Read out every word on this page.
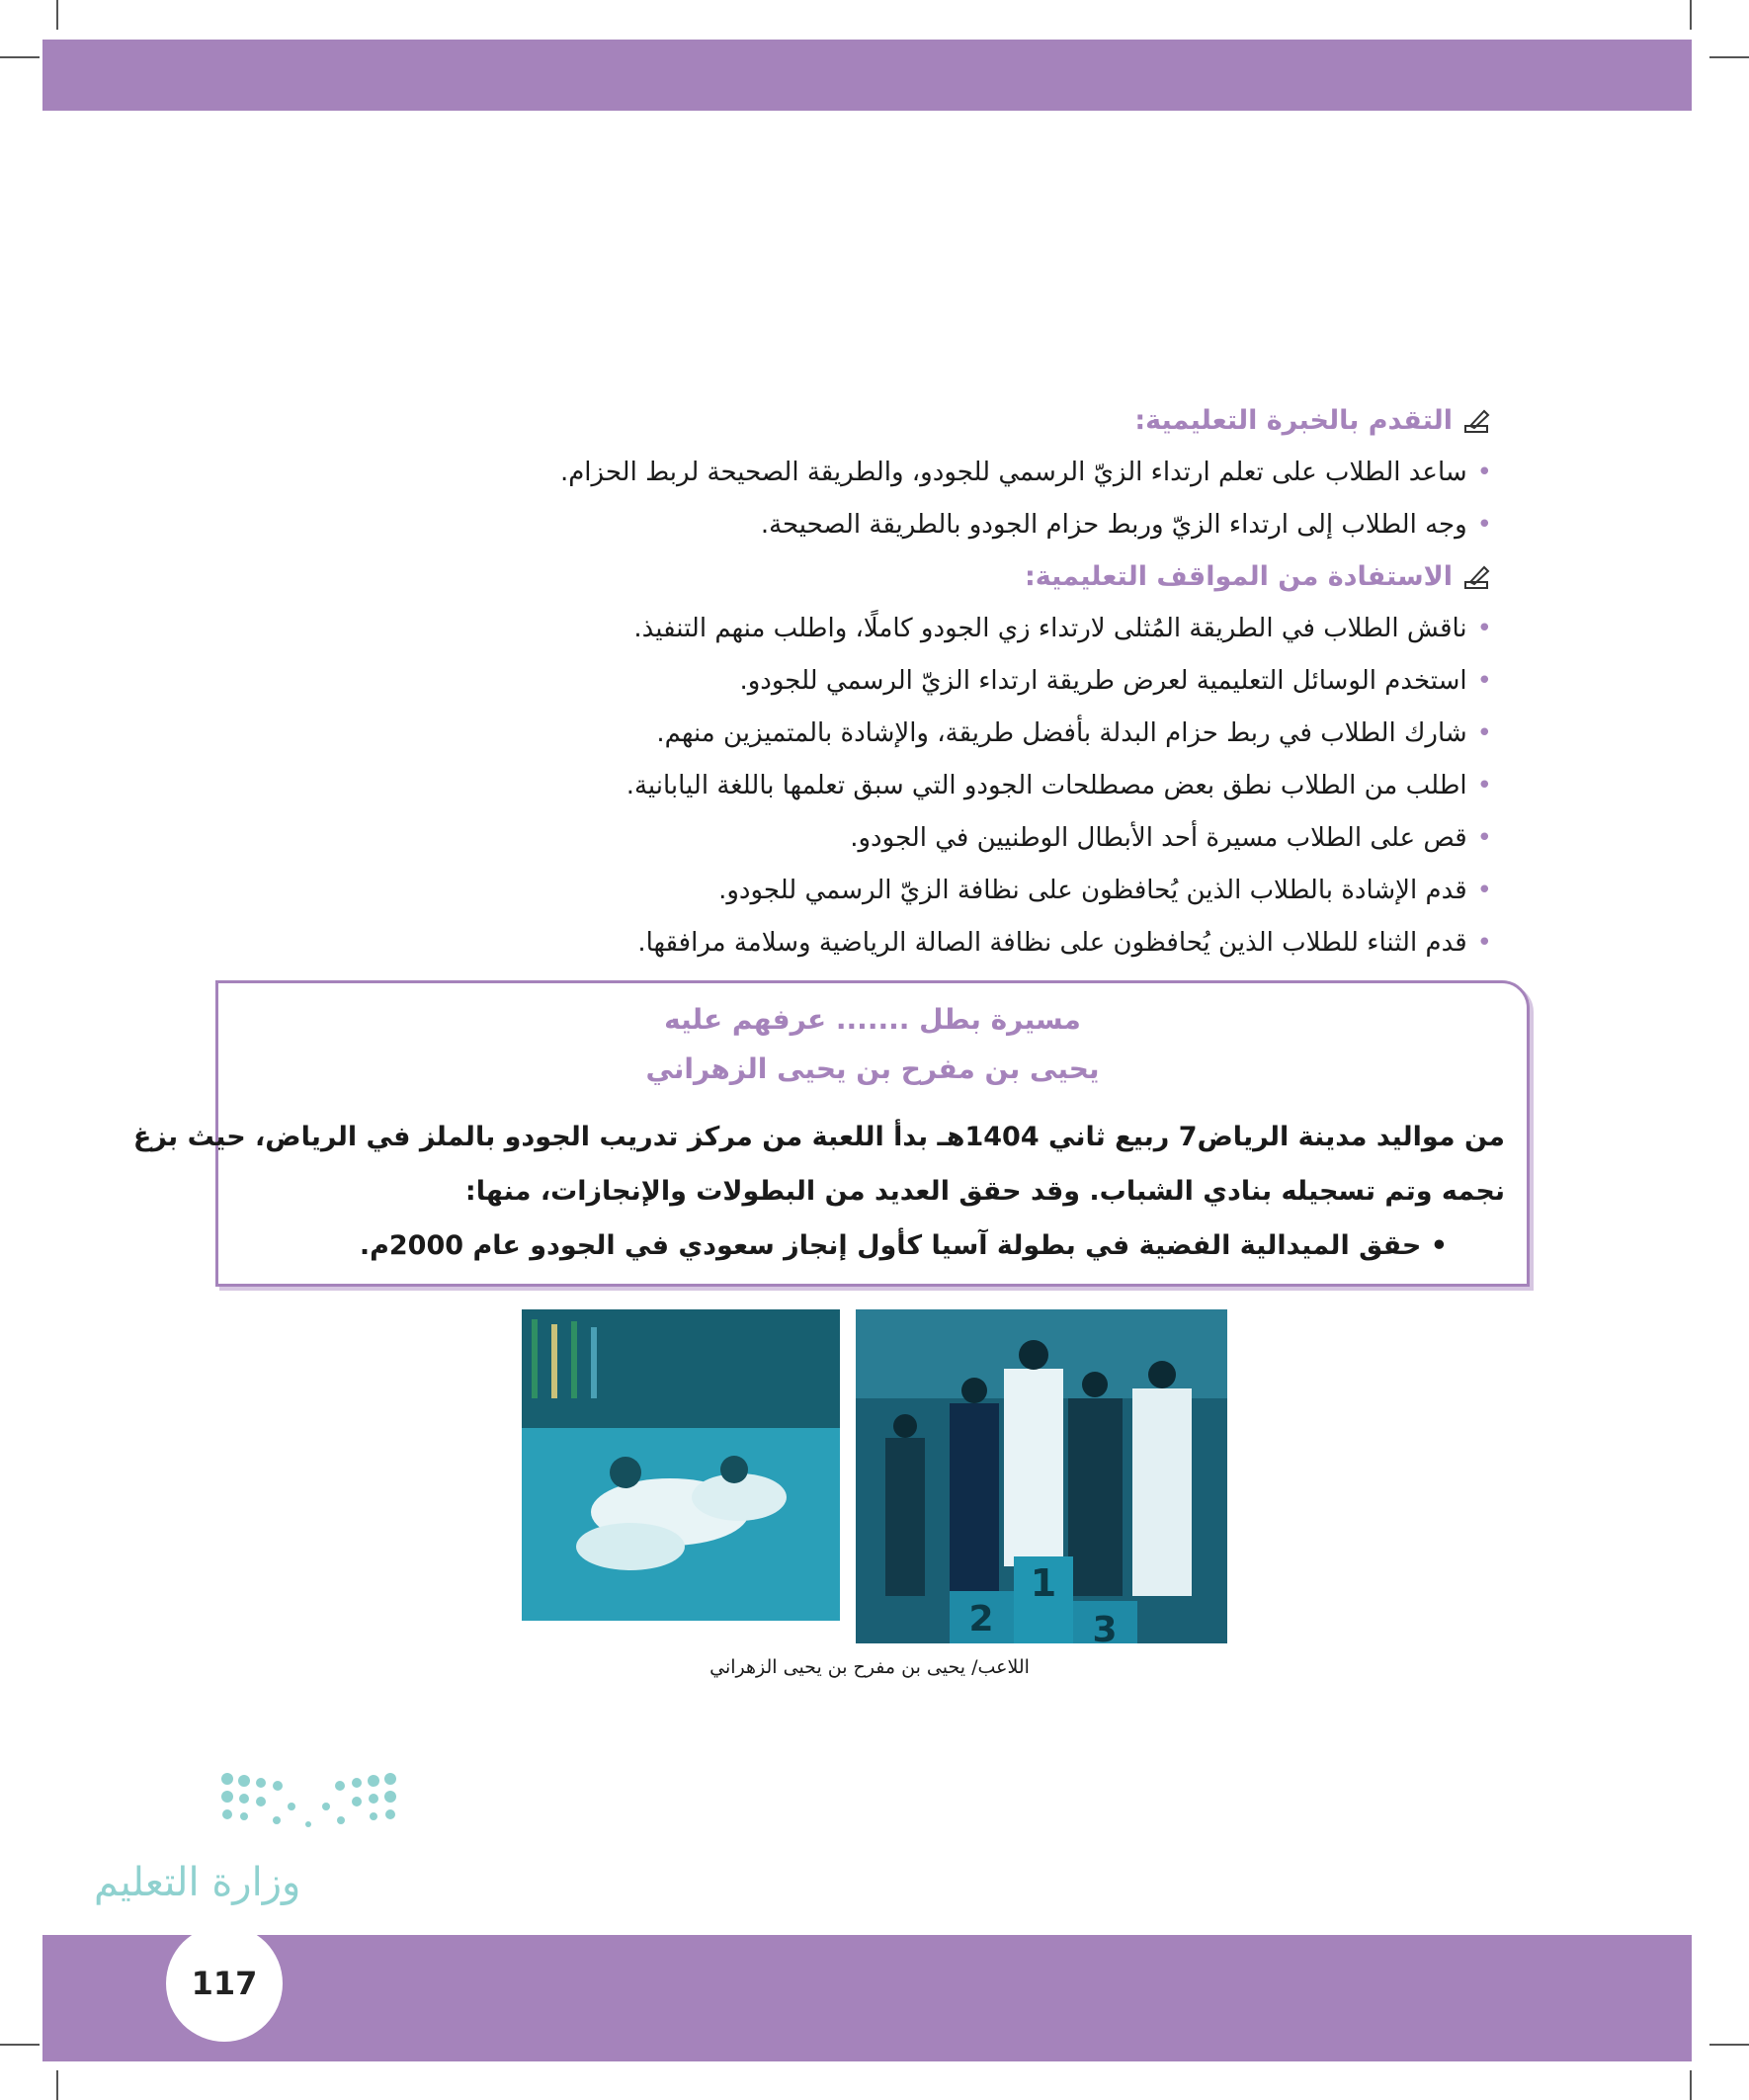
التقدم بالخبرة التعليمية:
•
ساعد الطلاب على تعلم ارتداء الزيّ الرسمي للجودو، والطريقة الصحيحة لربط الحزام.
•
وجه الطلاب إلى ارتداء الزيّ وربط حزام الجودو بالطريقة الصحيحة.
الاستفادة من المواقف التعليمية:
•
ناقش الطلاب في الطريقة المُثلى لارتداء زي الجودو كاملًا، واطلب منهم التنفيذ.
•
استخدم الوسائل التعليمية لعرض طريقة ارتداء الزيّ الرسمي للجودو.
•
شارك الطلاب في ربط حزام البدلة بأفضل طريقة، والإشادة بالمتميزين منهم.
•
اطلب من الطلاب نطق بعض مصطلحات الجودو التي سبق تعلمها باللغة اليابانية.
•
قص على الطلاب مسيرة أحد الأبطال الوطنيين في الجودو.
•
قدم الإشادة بالطلاب الذين يُحافظون على نظافة الزيّ الرسمي للجودو.
•
قدم الثناء للطلاب الذين يُحافظون على نظافة الصالة الرياضية وسلامة مرافقها.
مسيرة بطل ....... عرفهم عليه
يحيى بن مفرح بن يحيى الزهراني
من مواليد مدينة الرياض7 ربيع ثاني 1404هـ بدأ اللعبة من مركز تدريب الجودو بالملز في الرياض، حيث بزغ
نجمه وتم تسجيله بنادي الشباب. وقد حقق العديد من البطولات والإنجازات، منها:
• حقق الميدالية الفضية في بطولة آسيا كأول إنجاز سعودي في الجودو عام 2000م.
1
2	3
اللاعب/ يحيى بن مفرح بن يحيى الزهراني
وزارة التعليم
117
